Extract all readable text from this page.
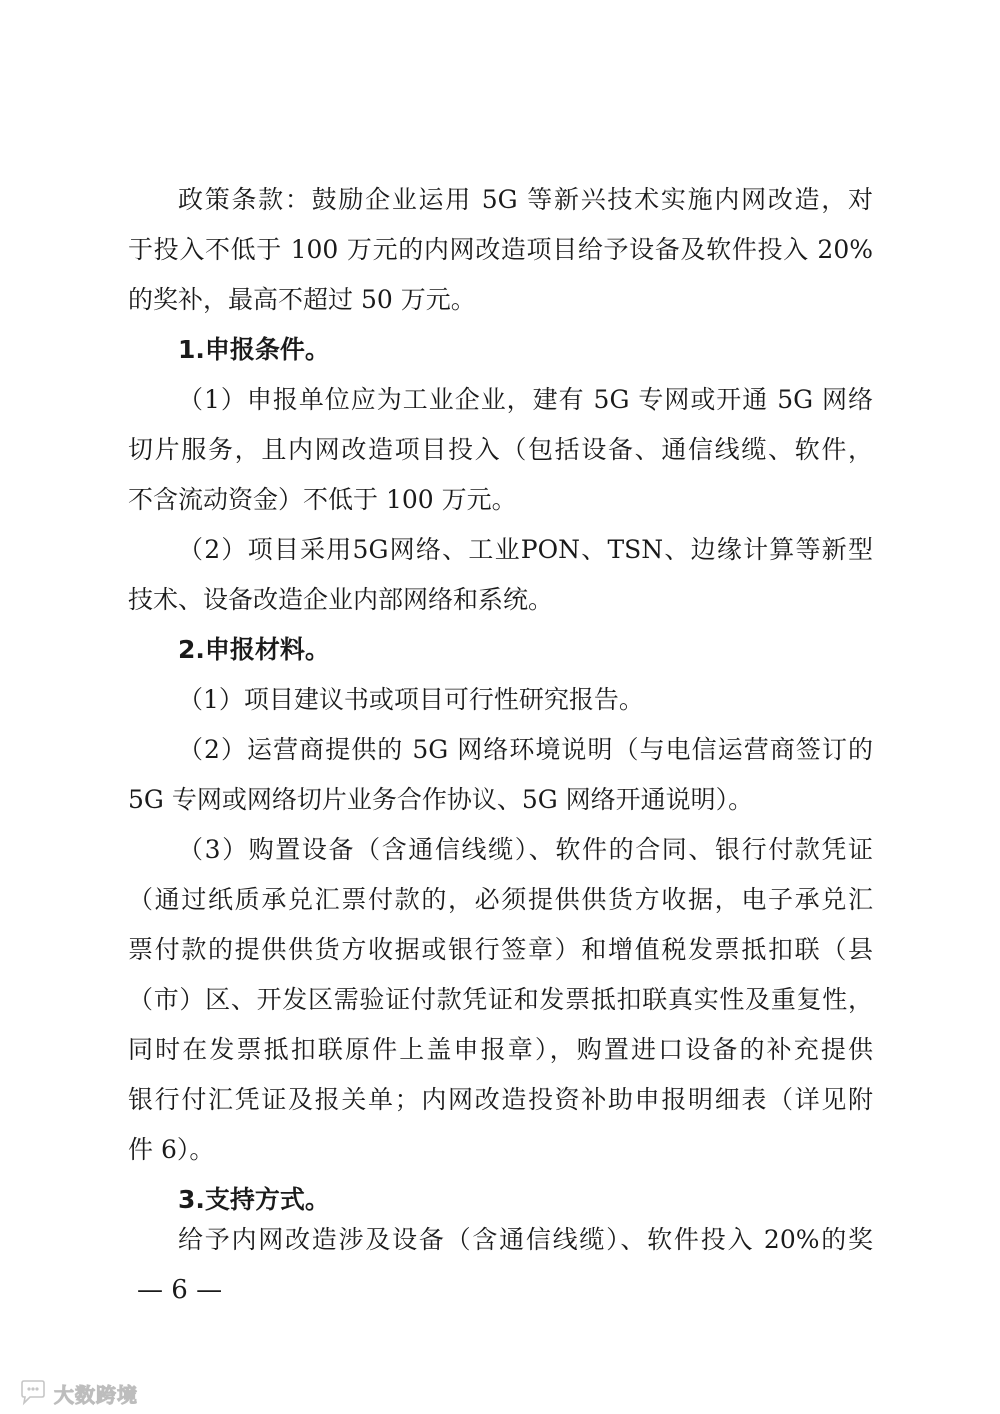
政策条款：鼓励企业运用 5G 等新兴技术实施内网改造，对
于投入不低于 100 万元的内网改造项目给予设备及软件投入 20%
的奖补，最高不超过 50 万元。
1.申报条件。
（1）申报单位应为工业企业，建有 5G 专网或开通 5G 网络
切片服务，且内网改造项目投入（包括设备、通信线缆、软件，
不含流动资金）不低于 100 万元。
（2）项目采用5G网络、工业PON、TSN、边缘计算等新型
技术、设备改造企业内部网络和系统。
2.申报材料。
（1）项目建议书或项目可行性研究报告。
（2）运营商提供的 5G 网络环境说明（与电信运营商签订的
5G 专网或网络切片业务合作协议、5G 网络开通说明）。
（3）购置设备（含通信线缆）、软件的合同、银行付款凭证
（通过纸质承兑汇票付款的，必须提供供货方收据，电子承兑汇
票付款的提供供货方收据或银行签章）和增值税发票抵扣联（县
（市）区、开发区需验证付款凭证和发票抵扣联真实性及重复性，
同时在发票抵扣联原件上盖申报章），购置进口设备的补充提供
银行付汇凭证及报关单；内网改造投资补助申报明细表（详见附
件 6）。
3.支持方式。
给予内网改造涉及设备（含通信线缆）、软件投入 20%的奖
— 6 —
大数跨境
